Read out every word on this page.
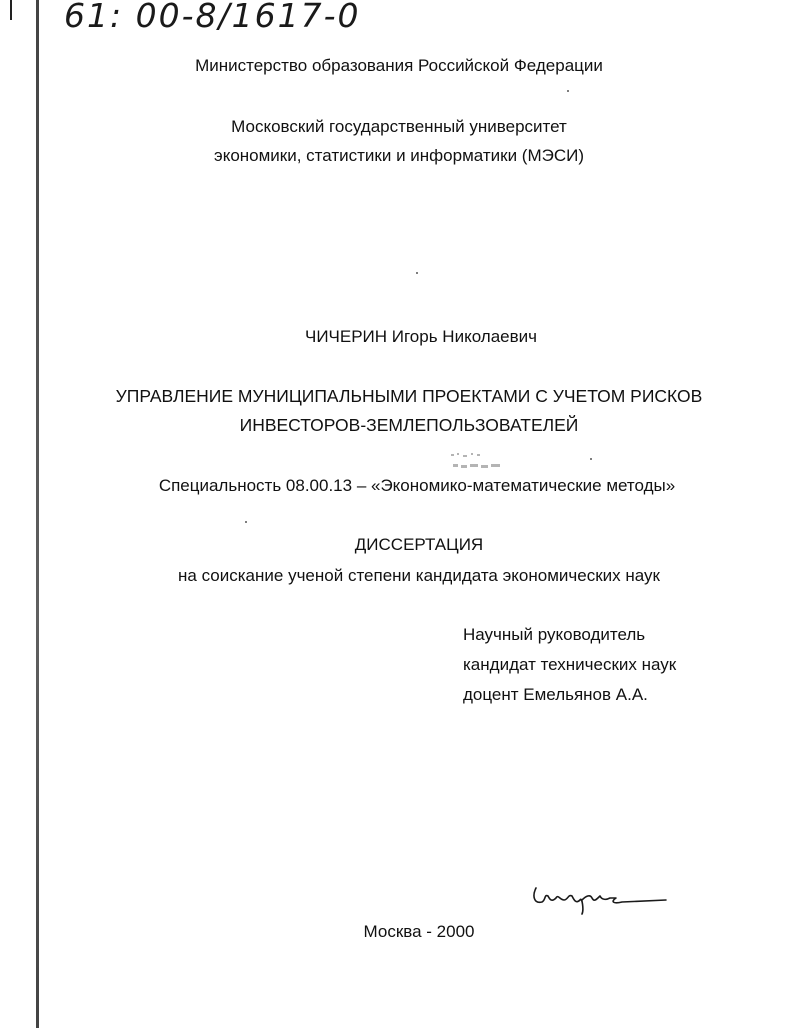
61: 00-8/1617-0
Министерство образования Российской Федерации
Московский государственный университет
экономики, статистики и информатики (МЭСИ)
ЧИЧЕРИН Игорь Николаевич
УПРАВЛЕНИЕ МУНИЦИПАЛЬНЫМИ ПРОЕКТАМИ С УЧЕТОМ РИСКОВ
ИНВЕСТОРОВ-ЗЕМЛЕПОЛЬЗОВАТЕЛЕЙ
Специальность 08.00.13 – «Экономико-математические методы»
ДИССЕРТАЦИЯ
на соискание ученой степени кандидата экономических наук
Научный руководитель
кандидат технических наук
доцент Емельянов А.А.
Москва - 2000
